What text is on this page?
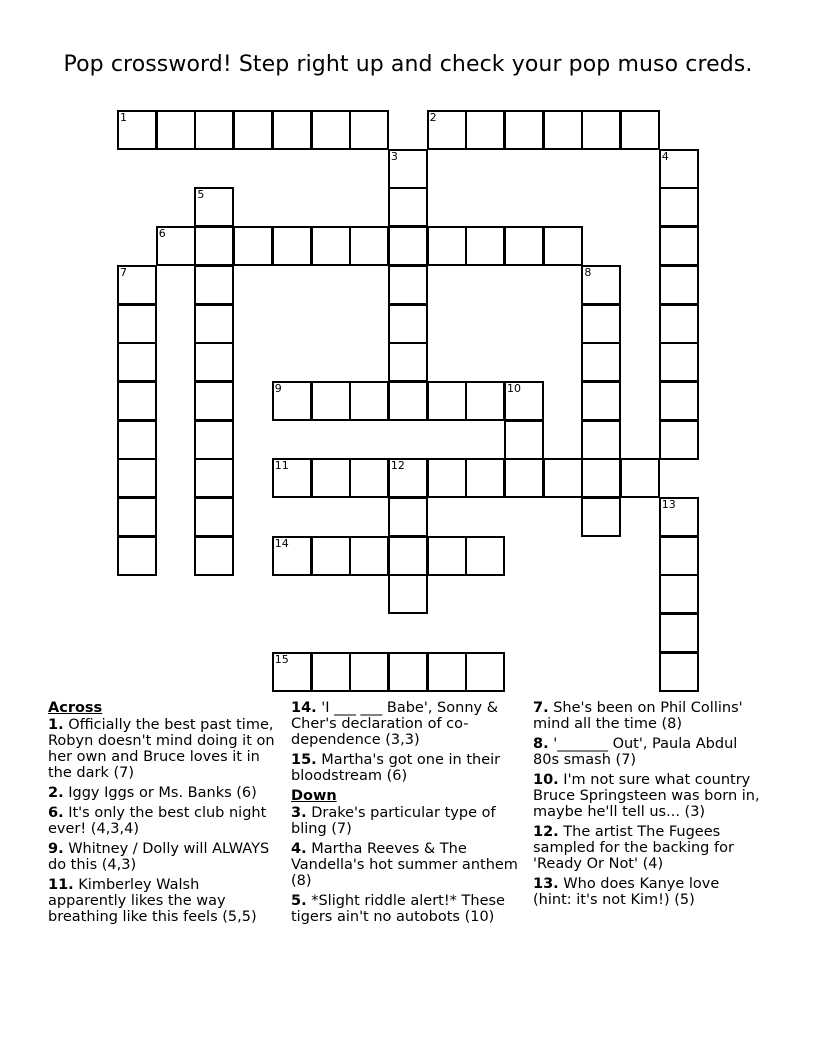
Pop crossword! Step right up and check your pop muso creds.
1	2
3	4
5
6
7	8
9	10
11	12
13
14
15
Across
1. Officially the best past time, Robyn doesn't mind doing it on her own and Bruce loves it in the dark (7)
2. Iggy Iggs or Ms. Banks (6)
6. It's only the best club night ever! (4,3,4)
9. Whitney / Dolly will ALWAYS do this (4,3)
11. Kimberley Walsh apparently likes the way breathing like this feels (5,5)
14. 'I ___ ___ Babe', Sonny & Cher's declaration of co-dependence (3,3)
15. Martha's got one in their bloodstream (6)
Down
3. Drake's particular type of bling (7)
4. Martha Reeves & The Vandella's hot summer anthem (8)
5. *Slight riddle alert!* These tigers ain't no autobots (10)
7. She's been on Phil Collins' mind all the time (8)
8. '_______ Out', Paula Abdul 80s smash (7)
10. I'm not sure what country Bruce Springsteen was born in, maybe he'll tell us... (3)
12. The artist The Fugees sampled for the backing for 'Ready Or Not' (4)
13. Who does Kanye love (hint: it's not Kim!) (5)
